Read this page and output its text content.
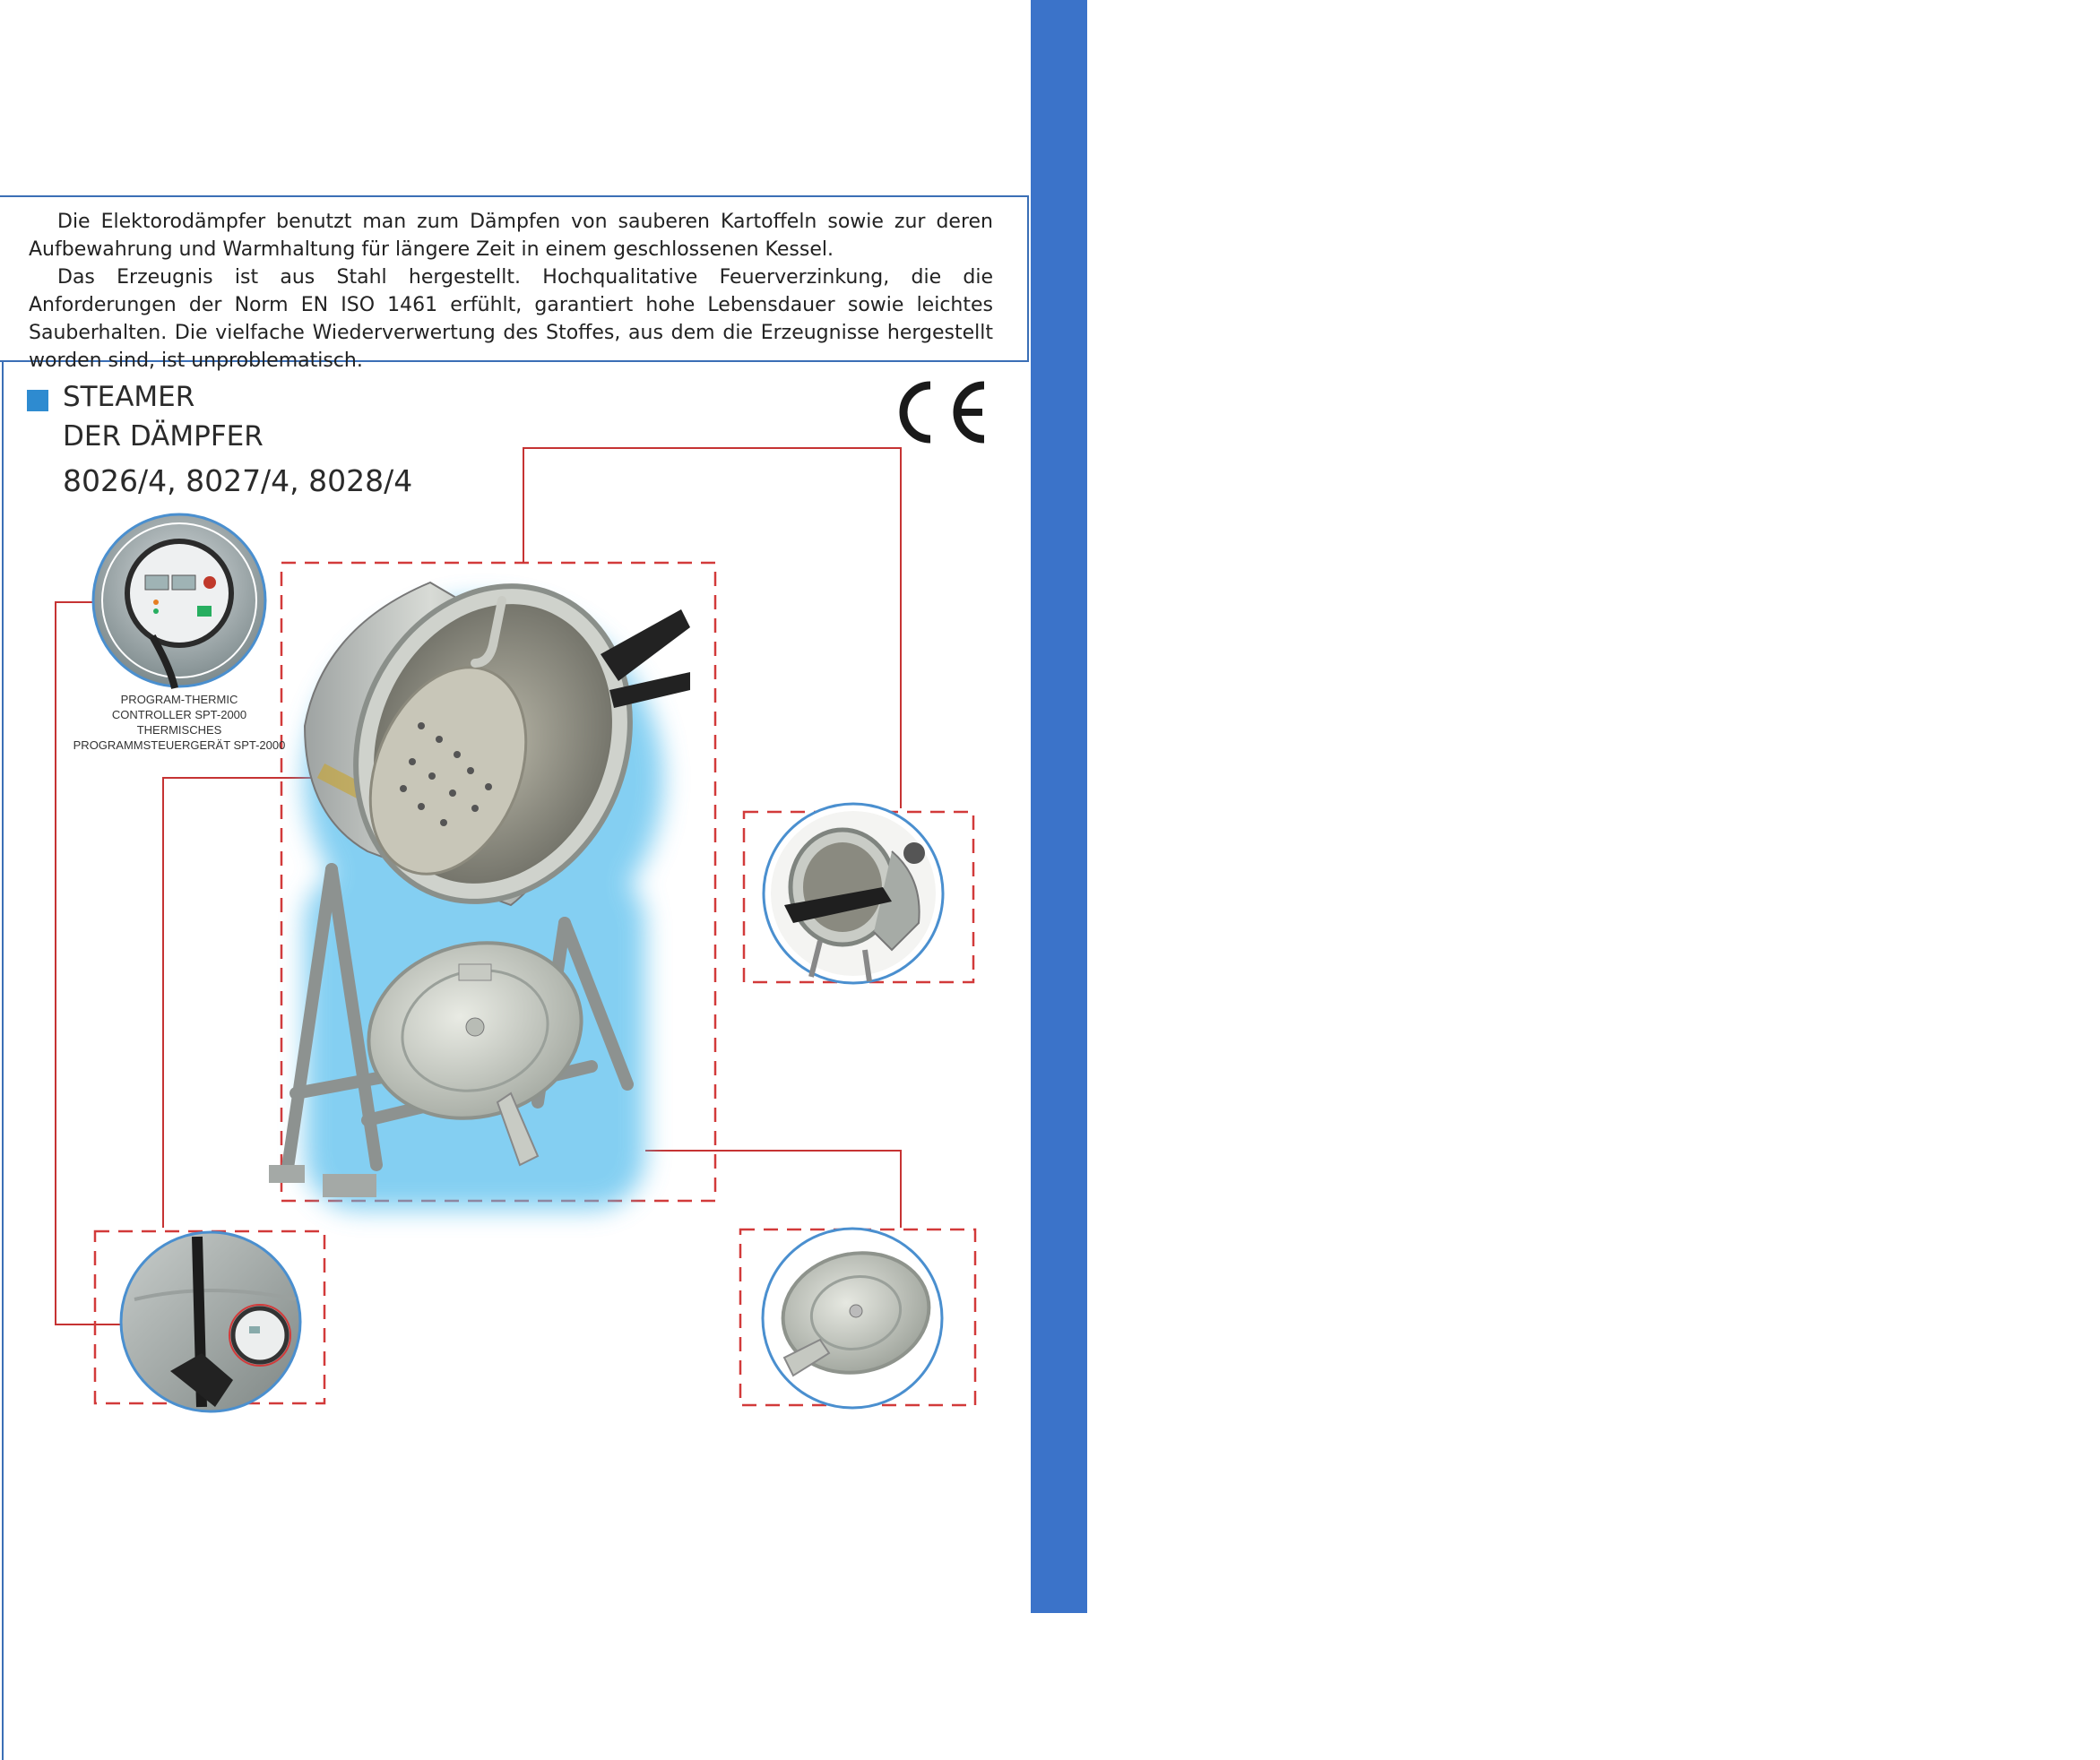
HBL - Uwe Schlomach - 14913 Niederer Fläming - Reinsdorf - Gärtnereiweg 3 • Tel.: 0157-39235205 - HBL-Handel.de info@HBL-Handel.de

Die Elektorodämpfer benutzt man zum Dämpfen von sauberen Kartoffeln sowie zur deren Aufbewahrung und Warmhaltung für längere Zeit in einem geschlossenen Kessel.

Das Erzeugnis ist aus Stahl hergestellt. Hochqualitative Feuerverzinkung, die die Anforderungen der Norm EN ISO 1461 erfühlt, garantiert hohe Lebensdauer sowie leichtes Sauberhalten. Die vielfache Wiederverwertung des Stoffes, aus dem die Erzeugnisse hergestellt worden sind, ist unproblematisch.

STEAMER
DER DÄMPFER
8026/4, 8027/4, 8028/4
PROGRAM-THERMIC
CONTROLLER SPT-2000
THERMISCHES
PROGRAMMSTEUERGERÄT SPT-2000
